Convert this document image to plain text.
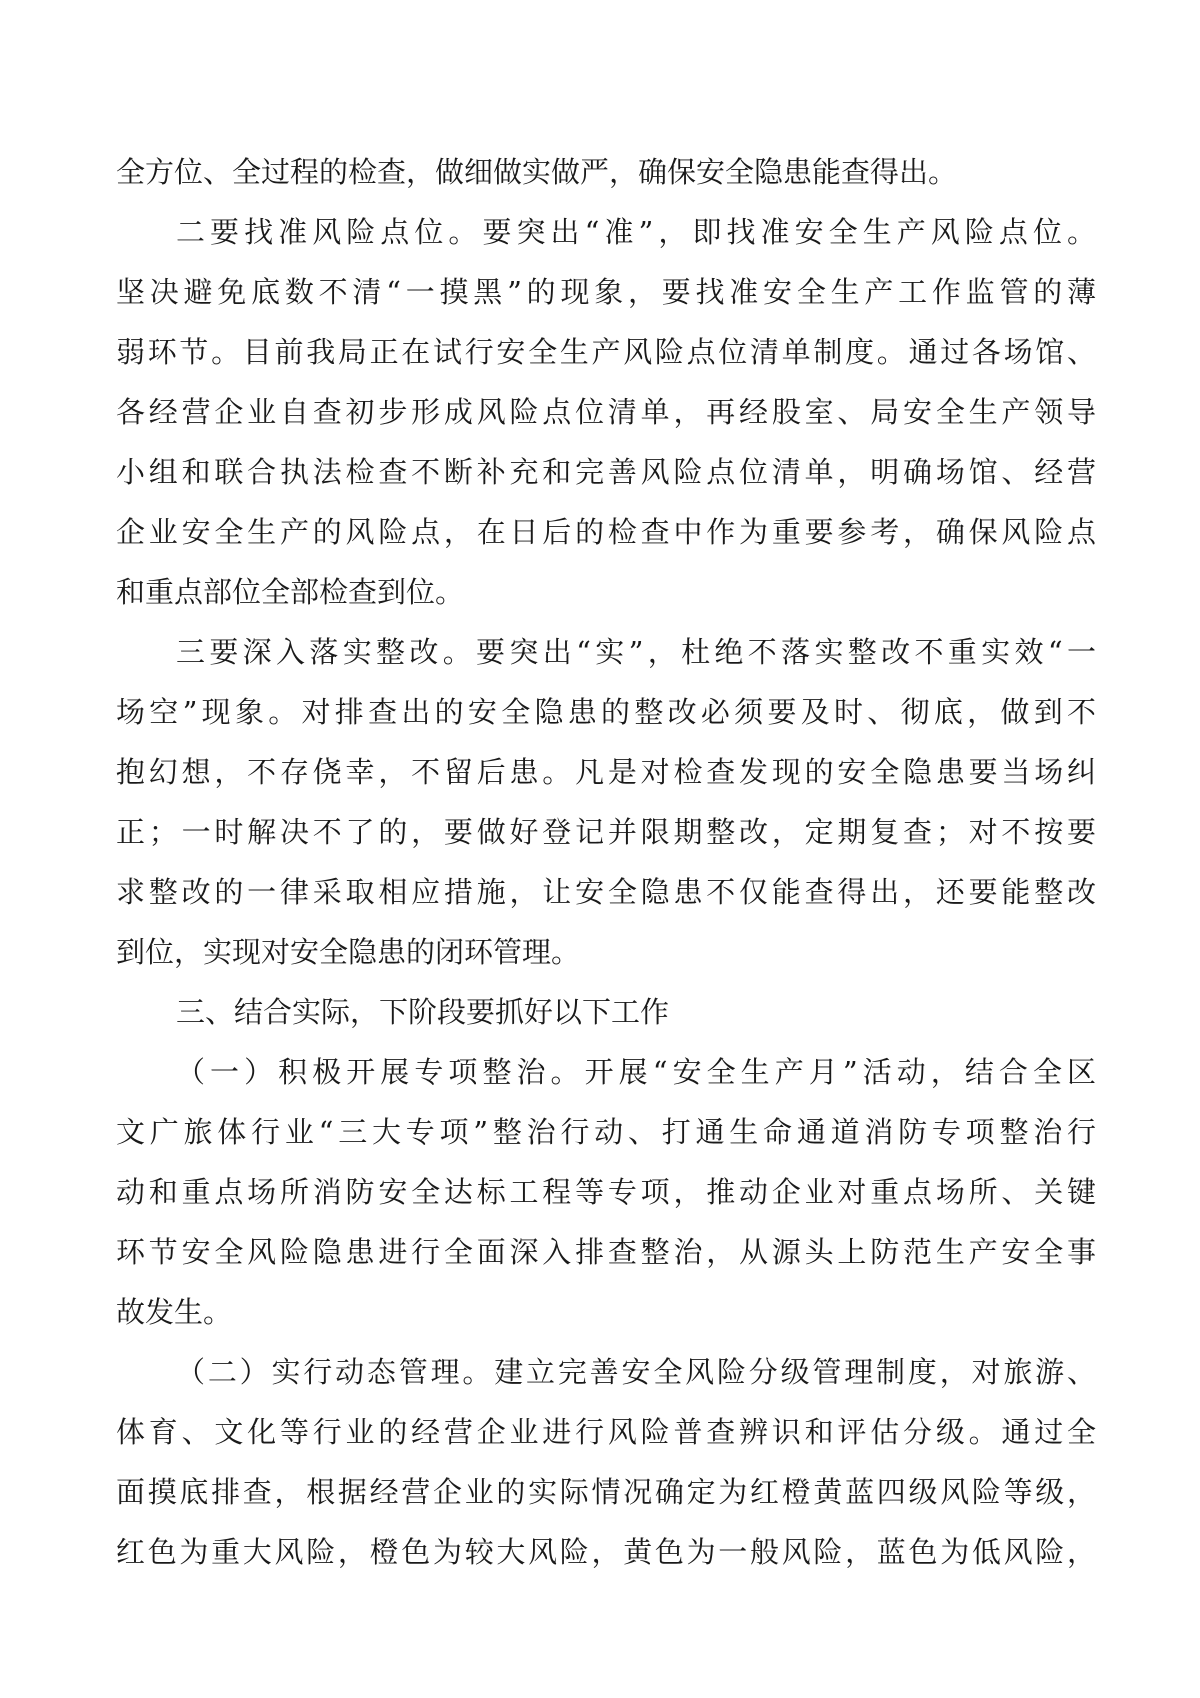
全方位、全过程的检查，做细做实做严，确保安全隐患能查得出。
二要找准风险点位。要突出“准”，即找准安全生产风险点位。
坚决避免底数不清“一摸黑”的现象，要找准安全生产工作监管的薄
弱环节。目前我局正在试行安全生产风险点位清单制度。通过各场馆、
各经营企业自查初步形成风险点位清单，再经股室、局安全生产领导
小组和联合执法检查不断补充和完善风险点位清单，明确场馆、经营
企业安全生产的风险点，在日后的检查中作为重要参考，确保风险点
和重点部位全部检查到位。
三要深入落实整改。要突出“实”，杜绝不落实整改不重实效“一
场空”现象。对排查出的安全隐患的整改必须要及时、彻底，做到不
抱幻想，不存侥幸，不留后患。凡是对检查发现的安全隐患要当场纠
正；一时解决不了的，要做好登记并限期整改，定期复查；对不按要
求整改的一律采取相应措施，让安全隐患不仅能查得出，还要能整改
到位，实现对安全隐患的闭环管理。
三、结合实际，下阶段要抓好以下工作
（一）积极开展专项整治。开展“安全生产月”活动，结合全区
文广旅体行业“三大专项”整治行动、打通生命通道消防专项整治行
动和重点场所消防安全达标工程等专项，推动企业对重点场所、关键
环节安全风险隐患进行全面深入排查整治，从源头上防范生产安全事
故发生。
（二）实行动态管理。建立完善安全风险分级管理制度，对旅游、
体育、文化等行业的经营企业进行风险普查辨识和评估分级。通过全
面摸底排查，根据经营企业的实际情况确定为红橙黄蓝四级风险等级，
红色为重大风险，橙色为较大风险，黄色为一般风险，蓝色为低风险，
